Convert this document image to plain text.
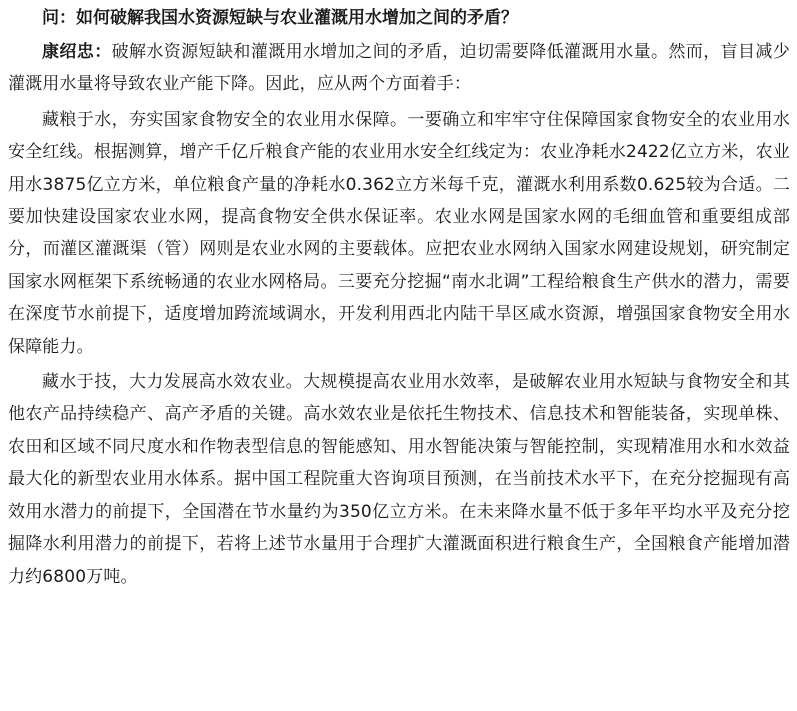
问：如何破解我国水资源短缺与农业灌溉用水增加之间的矛盾？

康绍忠：破解水资源短缺和灌溉用水增加之间的矛盾，迫切需要降低灌溉用水量。然而，盲目减少灌溉用水量将导致农业产能下降。因此，应从两个方面着手：

藏粮于水，夯实国家食物安全的农业用水保障。一要确立和牢牢守住保障国家食物安全的农业用水安全红线。根据测算，增产千亿斤粮食产能的农业用水安全红线定为：农业净耗水2422亿立方米，农业用水3875亿立方米，单位粮食产量的净耗水0.362立方米每千克，灌溉水利用系数0.625较为合适。二要加快建设国家农业水网，提高食物安全供水保证率。农业水网是国家水网的毛细血管和重要组成部分，而灌区灌溉渠（管）网则是农业水网的主要载体。应把农业水网纳入国家水网建设规划，研究制定国家水网框架下系统畅通的农业水网格局。三要充分挖掘“南水北调”工程给粮食生产供水的潜力，需要在深度节水前提下，适度增加跨流域调水，开发利用西北内陆干旱区咸水资源，增强国家食物安全用水保障能力。

藏水于技，大力发展高水效农业。大规模提高农业用水效率，是破解农业用水短缺与食物安全和其他农产品持续稳产、高产矛盾的关键。高水效农业是依托生物技术、信息技术和智能装备，实现单株、农田和区域不同尺度水和作物表型信息的智能感知、用水智能决策与智能控制，实现精准用水和水效益最大化的新型农业用水体系。据中国工程院重大咨询项目预测，在当前技术水平下，在充分挖掘现有高效用水潜力的前提下，全国潜在节水量约为350亿立方米。在未来降水量不低于多年平均水平及充分挖掘降水利用潜力的前提下，若将上述节水量用于合理扩大灌溉面积进行粮食生产，全国粮食产能增加潜力约6800万吨。
